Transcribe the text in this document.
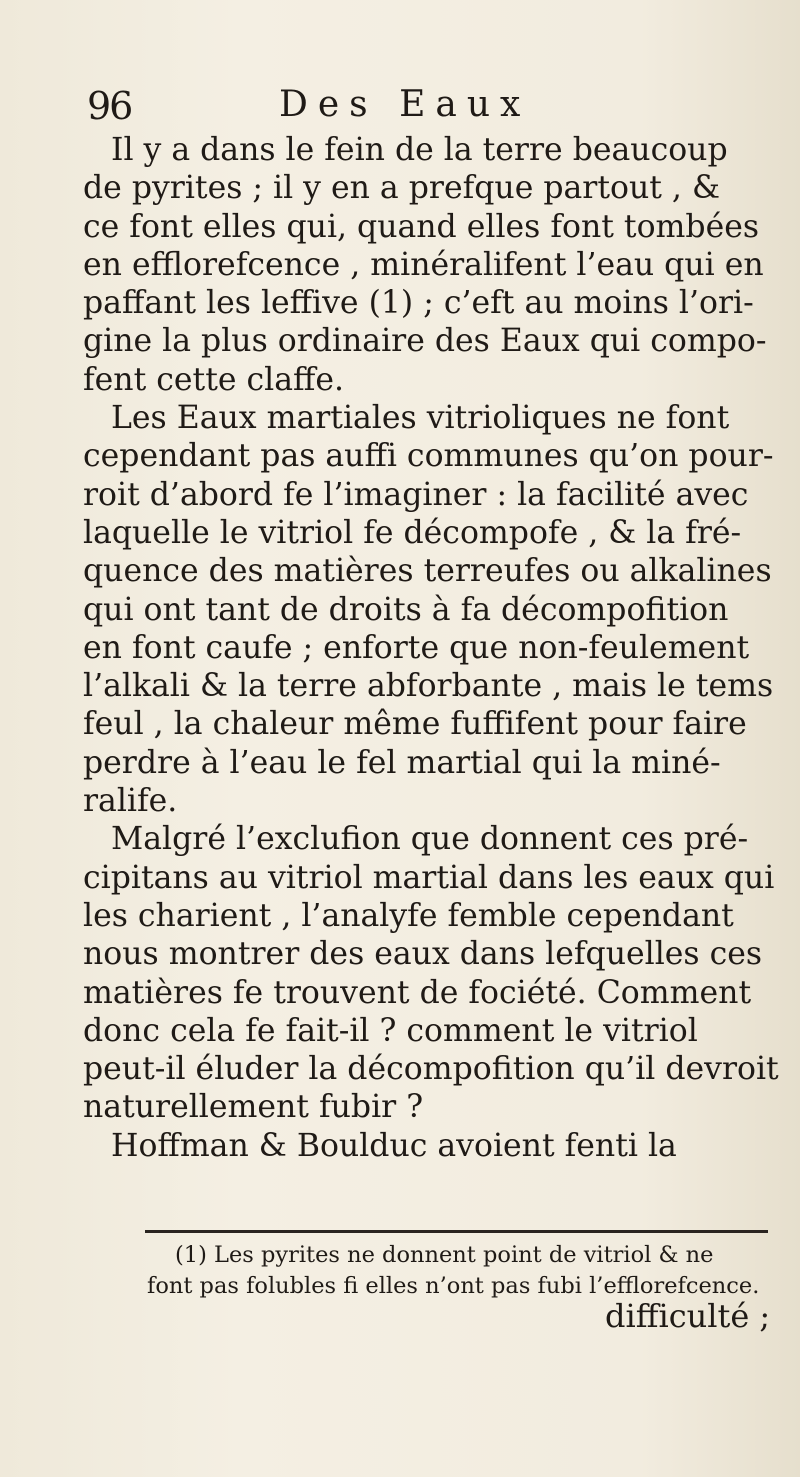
96	Des Eaux
Il y a dans le fein de la terre beaucoup
de pyrites ; il y en a prefque partout , &
ce font elles qui, quand elles font tombées
en efflorefcence , minéralifent l’eau qui en
paffant les leffive (1) ; c’eft au moins l’ori-
gine la plus ordinaire des Eaux qui compo-
fent cette claffe.
Les Eaux martiales vitrioliques ne font
cependant pas auffi communes qu’on pour-
roit d’abord fe l’imaginer : la facilité avec
laquelle le vitriol fe décompofe , & la fré-
quence des matières terreufes ou alkalines
qui ont tant de droits à fa décompofition
en font caufe ; enforte que non-feulement
l’alkali & la terre abforbante , mais le tems
feul , la chaleur même fuffifent pour faire
perdre à l’eau le fel martial qui la miné-
ralife.
Malgré l’exclufion que donnent ces pré-
cipitans au vitriol martial dans les eaux qui
les charient , l’analyfe femble cependant
nous montrer des eaux dans lefquelles ces
matières fe trouvent de fociété. Comment
donc cela fe fait-il ? comment le vitriol
peut-il éluder la décompofition qu’il devroit
naturellement fubir ?
Hoffman & Boulduc avoient fenti la
(1) Les pyrites ne donnent point de vitriol & ne
font pas folubles fi elles n’ont pas fubi l’efflorefcence.
difficulté ;
